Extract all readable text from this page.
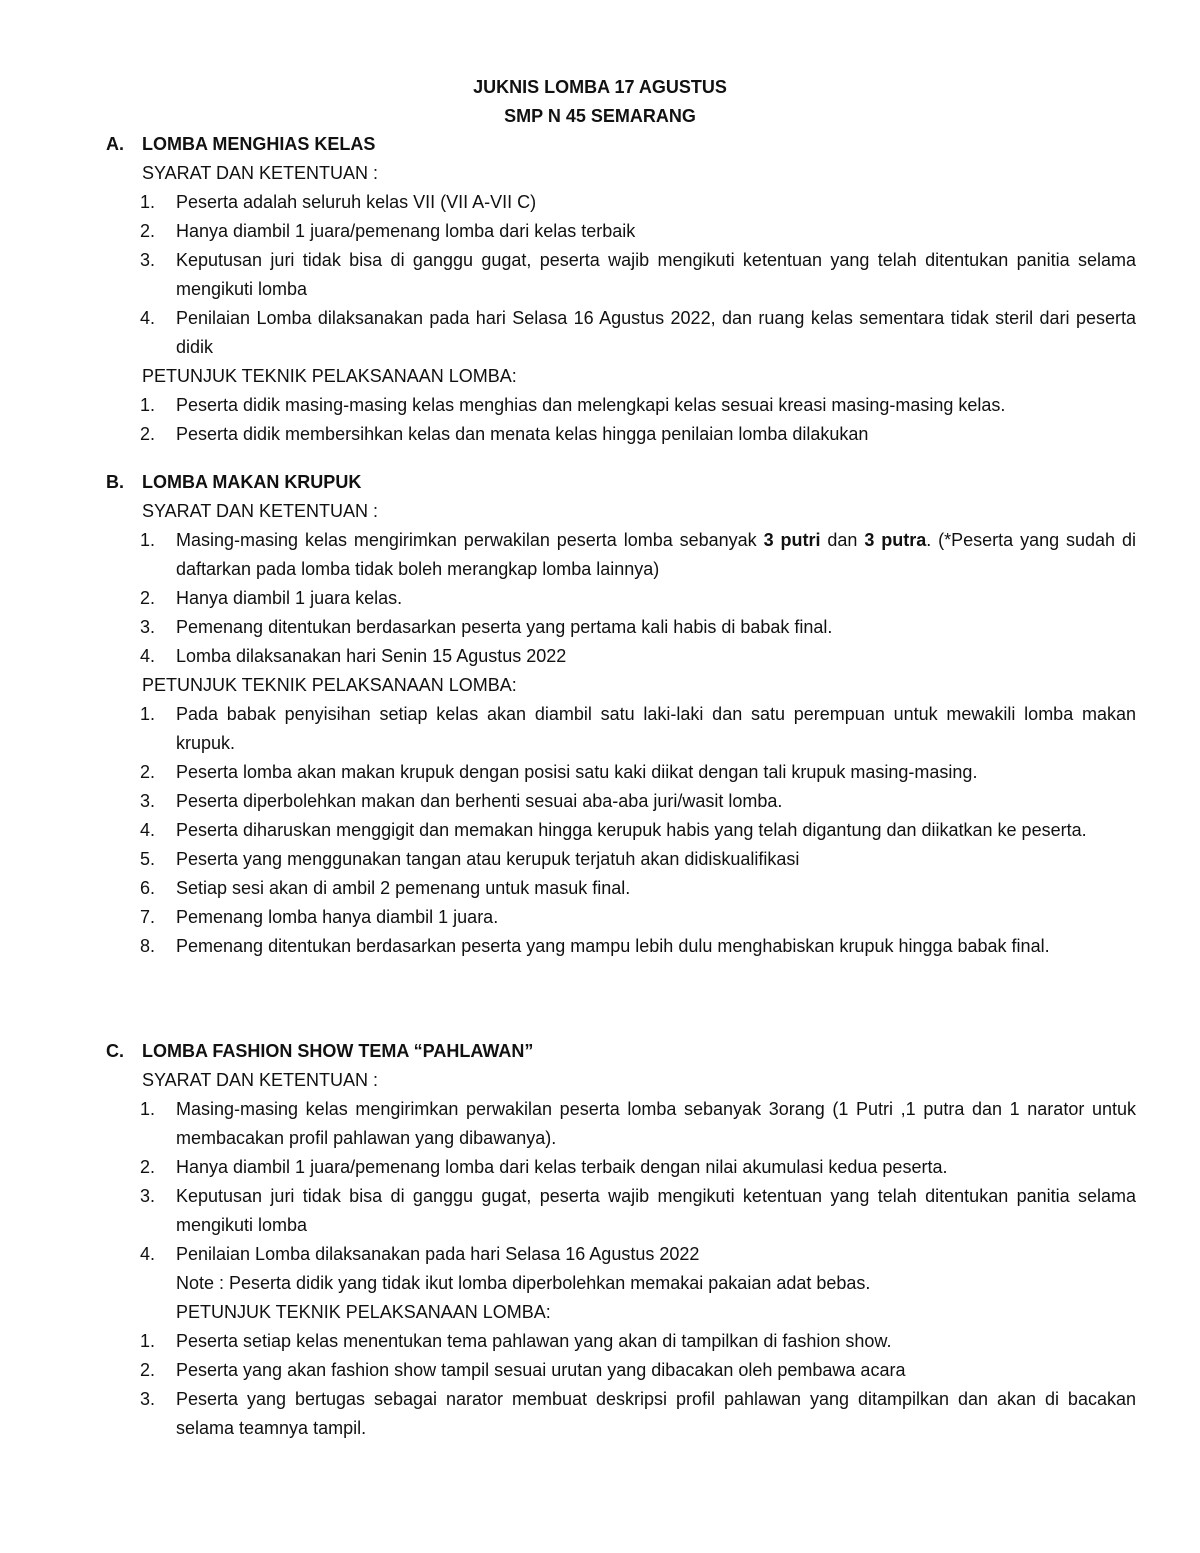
JUKNIS LOMBA 17 AGUSTUS
SMP N 45 SEMARANG
A.	LOMBA MENGHIAS KELAS
SYARAT DAN KETENTUAN :
1.	Peserta adalah seluruh kelas VII (VII A-VII C)
2.	Hanya diambil 1 juara/pemenang lomba dari kelas terbaik
3.	Keputusan juri tidak bisa di ganggu gugat, peserta wajib mengikuti ketentuan yang telah ditentukan panitia selama mengikuti lomba
4.	Penilaian Lomba dilaksanakan pada hari Selasa 16 Agustus 2022, dan ruang kelas sementara tidak steril dari peserta didik
PETUNJUK TEKNIK PELAKSANAAN LOMBA:
1.	Peserta didik masing-masing kelas menghias dan melengkapi kelas sesuai kreasi masing-masing kelas.
2.	Peserta didik membersihkan kelas dan menata kelas hingga penilaian lomba dilakukan
B.	LOMBA MAKAN KRUPUK
SYARAT DAN KETENTUAN :
1.	Masing-masing kelas mengirimkan perwakilan peserta lomba sebanyak 3 putri dan 3 putra. (*Peserta yang sudah di daftarkan pada lomba tidak boleh merangkap lomba lainnya)
2.	Hanya diambil 1 juara kelas.
3.	Pemenang ditentukan berdasarkan peserta yang pertama kali habis di babak final.
4.	Lomba dilaksanakan hari Senin 15 Agustus 2022
PETUNJUK TEKNIK PELAKSANAAN LOMBA:
1.	Pada babak penyisihan setiap kelas akan diambil satu laki-laki dan satu perempuan untuk mewakili lomba makan krupuk.
2.	Peserta lomba akan makan krupuk dengan posisi satu kaki diikat dengan tali krupuk masing-masing.
3.	Peserta diperbolehkan makan dan berhenti sesuai aba-aba juri/wasit lomba.
4.	Peserta diharuskan menggigit dan memakan hingga kerupuk habis yang telah digantung dan diikatkan ke peserta.
5.	Peserta yang menggunakan tangan atau kerupuk terjatuh akan didiskualifikasi
6.	Setiap sesi akan di ambil 2 pemenang untuk masuk final.
7.	Pemenang lomba hanya diambil 1 juara.
8.	Pemenang ditentukan berdasarkan peserta yang mampu lebih dulu menghabiskan krupuk hingga babak final.
C.	LOMBA FASHION SHOW TEMA “PAHLAWAN”
SYARAT DAN KETENTUAN :
1.	Masing-masing kelas mengirimkan perwakilan peserta lomba sebanyak 3orang (1 Putri ,1 putra dan 1 narator untuk membacakan profil pahlawan yang dibawanya).
2.	Hanya diambil 1 juara/pemenang lomba dari kelas terbaik dengan nilai akumulasi kedua peserta.
3.	Keputusan juri tidak bisa di ganggu gugat, peserta wajib mengikuti ketentuan yang telah ditentukan panitia selama mengikuti lomba
4.	Penilaian Lomba dilaksanakan pada hari Selasa 16 Agustus 2022
Note : Peserta didik yang tidak ikut lomba diperbolehkan memakai pakaian adat bebas.
PETUNJUK TEKNIK PELAKSANAAN LOMBA:
1.	Peserta setiap kelas menentukan tema pahlawan yang akan di tampilkan di fashion show.
2.	Peserta yang akan fashion show tampil sesuai urutan yang dibacakan oleh pembawa acara
3.	Peserta yang bertugas sebagai narator membuat deskripsi profil pahlawan yang ditampilkan dan akan di bacakan selama teamnya tampil.
